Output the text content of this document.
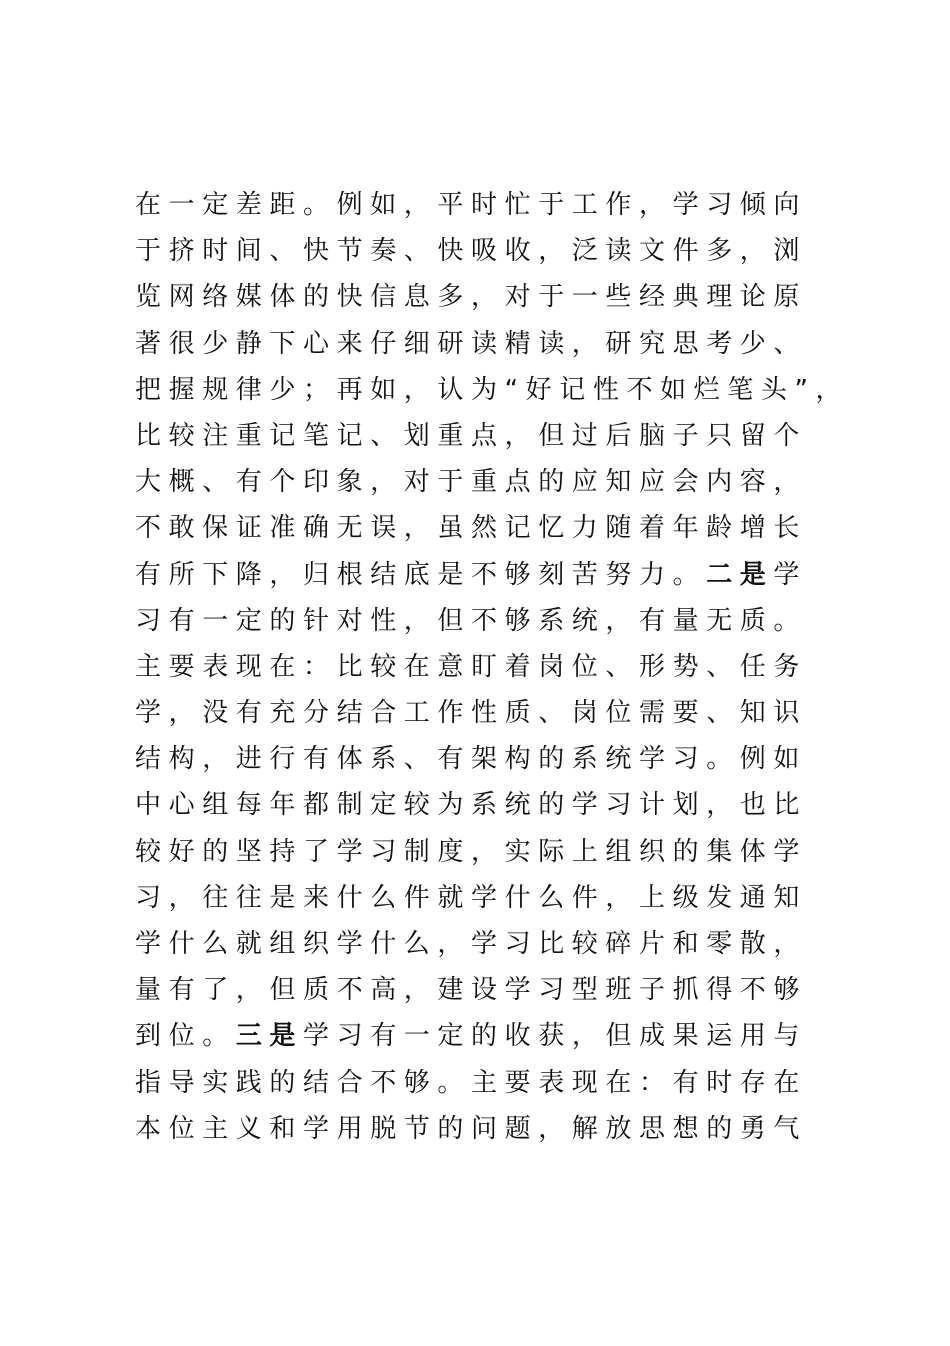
在一定差距。例如，平时忙于工作，学习倾向
于挤时间、快节奏、快吸收，泛读文件多，浏
览网络媒体的快信息多，对于一些经典理论原
著很少静下心来仔细研读精读，研究思考少、
把握规律少；再如，认为“好记性不如烂笔头”，
比较注重记笔记、划重点，但过后脑子只留个
大概、有个印象，对于重点的应知应会内容，
不敢保证准确无误，虽然记忆力随着年龄增长
有所下降，归根结底是不够刻苦努力。二是学
习有一定的针对性，但不够系统，有量无质。
主要表现在：比较在意盯着岗位、形势、任务
学，没有充分结合工作性质、岗位需要、知识
结构，进行有体系、有架构的系统学习。例如
中心组每年都制定较为系统的学习计划，也比
较好的坚持了学习制度，实际上组织的集体学
习，往往是来什么件就学什么件，上级发通知
学什么就组织学什么，学习比较碎片和零散，
量有了，但质不高，建设学习型班子抓得不够
到位。三是学习有一定的收获，但成果运用与
指导实践的结合不够。主要表现在：有时存在
本位主义和学用脱节的问题，解放思想的勇气
